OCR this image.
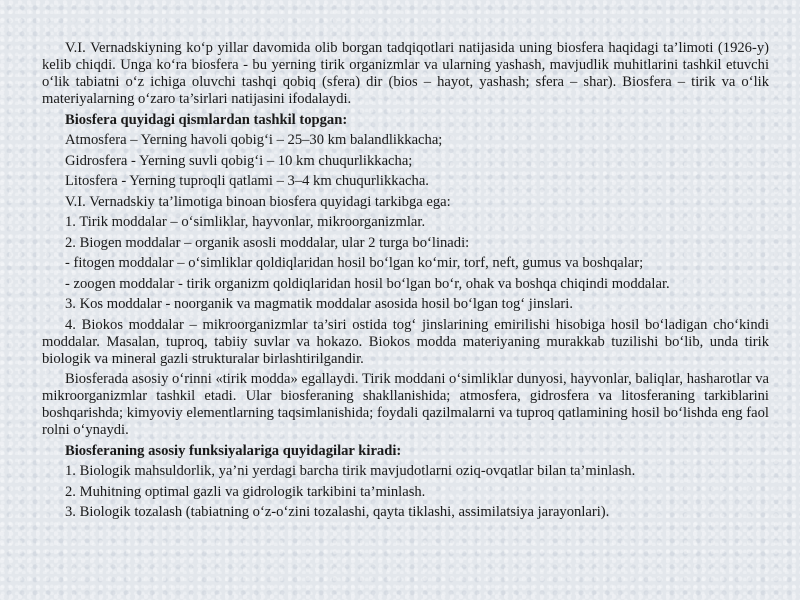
V.I. Vernadskiyning ko‘p yillar davomida olib borgan tadqiqotlari natijasida uning biosfera haqidagi ta’limoti (1926-y) kelib chiqdi. Unga ko‘ra biosfera - bu yerning tirik organizmlar va ularning yashash, mavjudlik muhitlarini tashkil etuvchi o‘lik tabiatni o‘z ichiga oluvchi tashqi qobiq (sfera) dir (bios – hayot, yashash; sfera – shar). Biosfera – tirik va o‘lik materiyalarning o‘zaro ta’sirlari natijasini ifodalaydi.

Biosfera quyidagi qismlardan tashkil topgan:

Atmosfera – Yerning havoli qobig‘i – 25–30 km balandlikkacha;

Gidrosfera - Yerning suvli qobig‘i – 10 km chuqurlikkacha;

Litosfera - Yerning tuproqli qatlami – 3–4 km chuqurlikkacha.

V.I. Vernadskiy ta’limotiga binoan biosfera quyidagi tarkibga ega:

1. Tirik moddalar – o‘simliklar, hayvonlar, mikroorganizmlar.

2. Biogen moddalar – organik asosli moddalar, ular 2 turga bo‘linadi:

- fitogen moddalar – o‘simliklar qoldiqlaridan hosil bo‘lgan ko‘mir, torf, neft, gumus va boshqalar;

- zoogen moddalar - tirik organizm qoldiqlaridan hosil bo‘lgan bo‘r, ohak va boshqa chiqindi moddalar.

3. Kos moddalar - noorganik va magmatik moddalar asosida hosil bo‘lgan tog‘ jinslari.

4. Biokos moddalar – mikroorganizmlar ta’siri ostida tog‘ jinslarining emirilishi hisobiga hosil bo‘ladigan cho‘kindi moddalar. Masalan, tuproq, tabiiy suvlar va hokazo. Biokos modda materiyaning murakkab tuzilishi bo‘lib, unda tirik biologik va mineral gazli strukturalar birlashtirilgandir.

Biosferada asosiy o‘rinni «tirik modda» egallaydi. Tirik moddani o‘simliklar dunyosi, hayvonlar, baliqlar, hasharotlar va mikroorganizmlar tashkil etadi. Ular biosferaning shakllanishida; atmosfera, gidrosfera va litosferaning tarkiblarini boshqarishda; kimyoviy elementlarning taqsimlanishida; foydali qazilmalarni va tuproq qatlamining hosil bo‘lishda eng faol rolni o‘ynaydi.

Biosferaning asosiy funksiyalariga quyidagilar kiradi:

1. Biologik mahsuldorlik, ya’ni yerdagi barcha tirik mavjudotlarni oziq-ovqatlar bilan ta’minlash.

2. Muhitning optimal gazli va gidrologik tarkibini ta’minlash.

3. Biologik tozalash (tabiatning o‘z-o‘zini tozalashi, qayta tiklashi, assimilatsiya jarayonlari).
